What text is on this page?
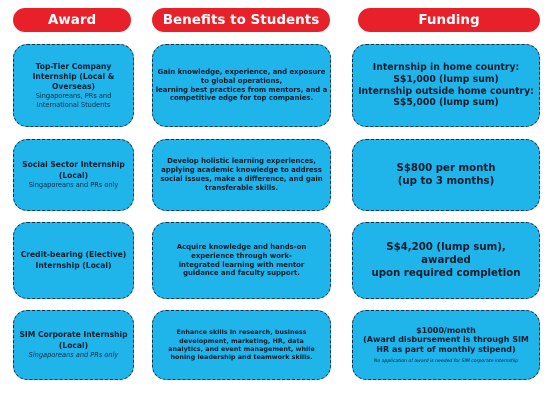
Award	Benefits to Students	Funding
Top-Tier Company
Internship (Local &
Overseas)
Singaporeans, PRs and
International Students
Gain knowledge, experience, and exposure
to global operations,
learning best practices from mentors, and a
competitive edge for top companies.
Internship in home country:
S$1,000 (lump sum)
Internship outside home country:
S$5,000 (lump sum)
Social Sector Internship
(Local)
Singaporeans and PRs only
Develop holistic learning experiences,
applying academic knowledge to address
social issues, make a difference, and gain
transferable skills.
S$800 per month
(up to 3 months)
Credit-bearing (Elective)
Internship (Local)
Acquire knowledge and hands-on
experience through work-
integrated learning with mentor
guidance and faculty support.
S$4,200 (lump sum),
awarded
upon required completion
SIM Corporate Internship
(Local)
Singaporeans and PRs only
Enhance skills in research, business
development, marketing, HR, data
analytics, and event management, while
honing leadership and teamwork skills.
$1000/month
(Award disbursement is through SIM
HR as part of monthly stipend)
No application of award is needed for SIM corporate internship
